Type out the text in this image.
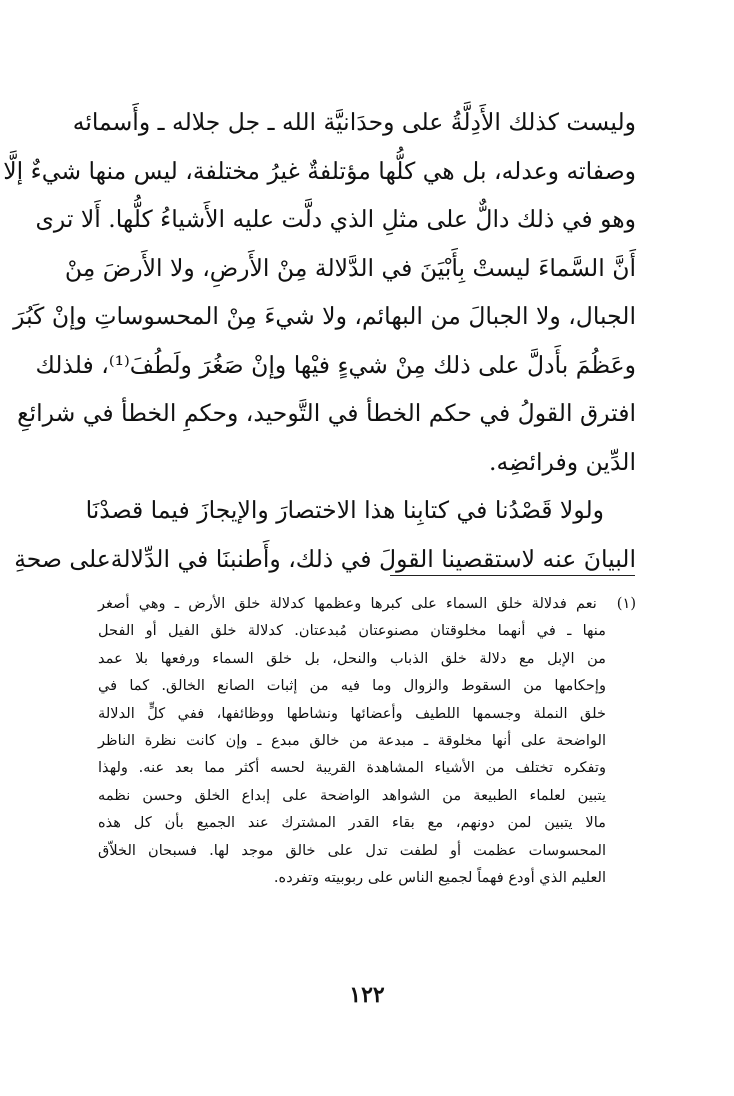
وليست كذلك الأَدِلَّةُ على وحدَانيَّة الله ـ جل جلاله ـ وأَسمائه
وصفاته وعدله، بل هي كلُّها مؤتلفةٌ غيرُ مختلفة، ليس منها شيءٌ إلَّا
وهو في ذلك دالٌّ على مثلِ الذي دلَّت عليه الأَشياءُ كلُّها. أَلا ترى
أَنَّ السَّماءَ ليستْ بِأَبْيَنَ في الدَّلالة مِنْ الأَرضِ، ولا الأَرضَ مِنْ
الجبال، ولا الجبالَ من البهائم، ولا شيءَ مِنْ المحسوساتِ وإنْ كَبُرَ
وعَظُمَ بأَدلَّ على ذلك مِنْ شيءٍ فيْها وإنْ صَغُرَ ولَطُفَ⁽¹⁾، فلذلك
افترق القولُ في حكم الخطأ في التَّوحيد، وحكمِ الخطأ في شرائعِ
الدِّين وفرائضِه.
ولولا قَصْدُنا في كتابِنا هذا الاختصارَ والإيجازَ فيما قصدْنَا
البيانَ عنه لاستقصينا القولَ في ذلك، وأَطنبنَا في الدِّلالةعلى صحةِ
(١) نعم فدلالة خلق السماء على كبرها وعظمها كدلالة خلق الأرض ـ وهي أصغر
منها ـ في أنهما مخلوقتان مصنوعتان مُبدعتان. كدلالة خلق الفيل أو الفحل
من الإبل مع دلالة خلق الذباب والنحل، بل خلق السماء ورفعها بلا عمد
وإحكامها من السقوط والزوال وما فيه من إثبات الصانع الخالق. كما في
خلق النملة وجسمها اللطيف وأعضائها ونشاطها ووظائفها، ففي كلٍّ الدلالة
الواضحة على أنها مخلوقة ـ مبدعة من خالق مبدع ـ وإن كانت نظرة الناظر
وتفكره تختلف من الأشياء المشاهدة القريبة لحسه أكثر مما بعد عنه. ولهذا
يتبين لعلماء الطبيعة من الشواهد الواضحة على إبداع الخلق وحسن نظمه
مالا يتبين لمن دونهم، مع بقاء القدر المشترك عند الجميع بأن كل هذه
المحسوسات عظمت أو لطفت تدل على خالق موجد لها. فسبحان الخلاّق
العليم الذي أودع فهماً لجميع الناس على ربوبيته وتفرده.
١٢٢
